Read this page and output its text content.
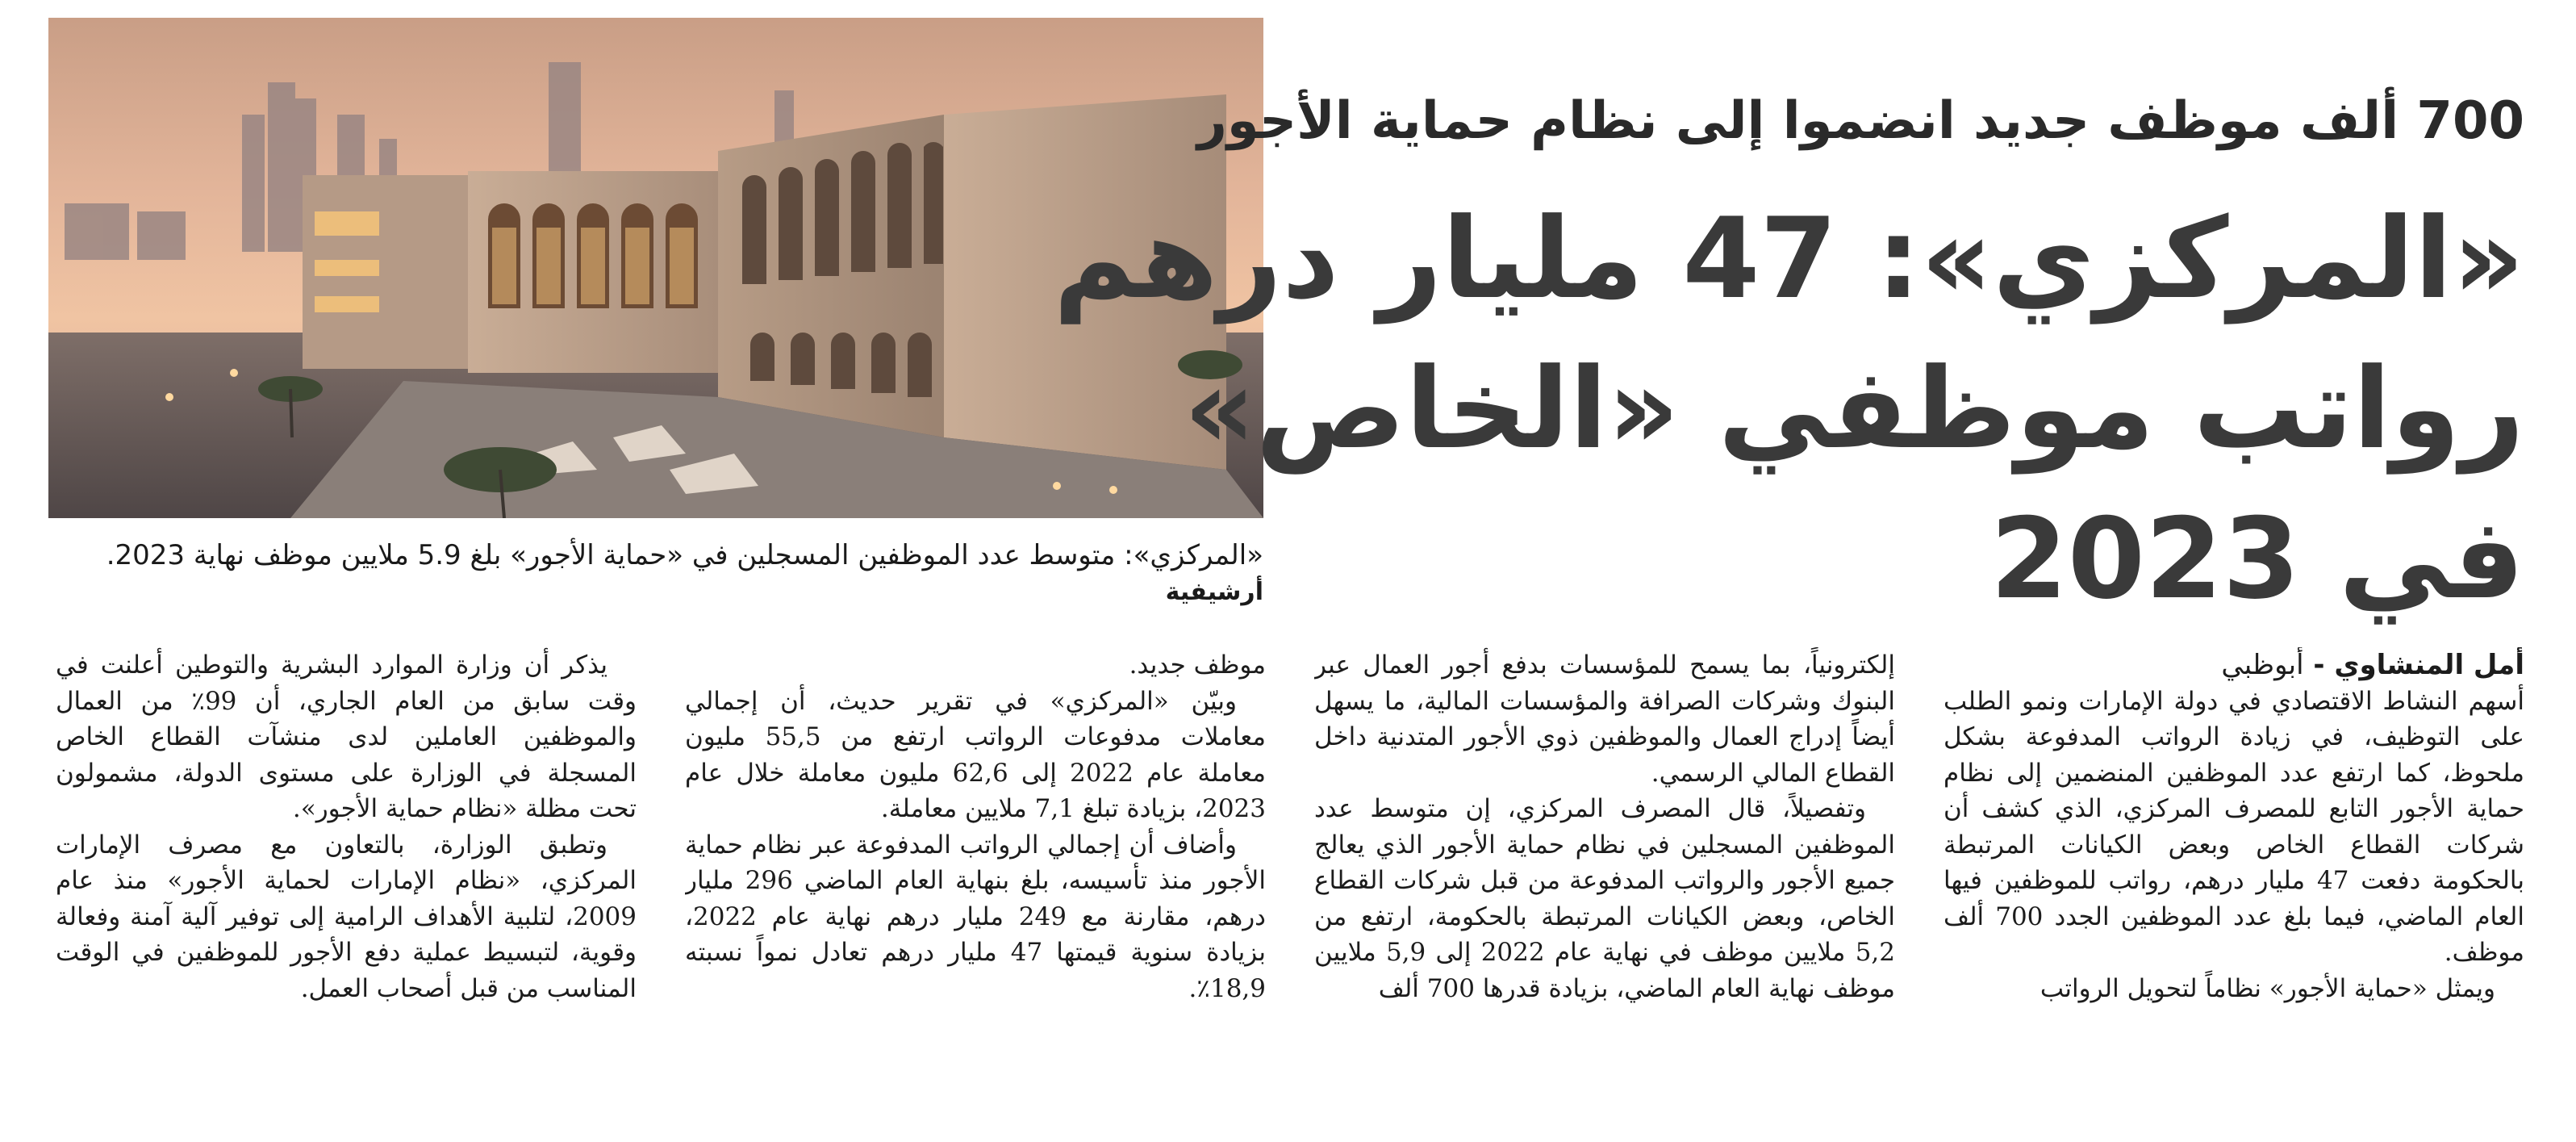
«المركزي»: متوسط عدد الموظفين المسجلين في «حماية الأجور» بلغ 5.9 ملايين موظف نهاية 2023.
أرشيفية
700 ألف موظف جديد انضموا إلى نظام حماية الأجور
«المركزي»: 47 مليار درهم
رواتب موظفي «الخاص»
في 2023

أمل المنشاوي - أبوظبي

أسهم النشاط الاقتصادي في دولة الإمارات ونمو الطلب على التوظيف، في زيادة الرواتب المدفوعة بشكل ملحوظ، كما ارتفع عدد الموظفين المنضمين إلى نظام حماية الأجور التابع للمصرف المركزي، الذي كشف أن شركات القطاع الخاص وبعض الكيانات المرتبطة بالحكومة دفعت 47 مليار درهم، رواتب للموظفين فيها العام الماضي، فيما بلغ عدد الموظفين الجدد 700 ألف موظف.

ويمثل «حماية الأجور» نظاماً لتحويل الرواتب

إلكترونياً، بما يسمح للمؤسسات بدفع أجور العمال عبر البنوك وشركات الصرافة والمؤسسات المالية، ما يسهل أيضاً إدراج العمال والموظفين ذوي الأجور المتدنية داخل القطاع المالي الرسمي.

وتفصيلاً، قال المصرف المركزي، إن متوسط عدد الموظفين المسجلين في نظام حماية الأجور الذي يعالج جميع الأجور والرواتب المدفوعة من قبل شركات القطاع الخاص، وبعض الكيانات المرتبطة بالحكومة، ارتفع من 5,2 ملايين موظف في نهاية عام 2022 إلى 5,9 ملايين موظف نهاية العام الماضي، بزيادة قدرها 700 ألف

موظف جديد.

وبيّن «المركزي» في تقرير حديث، أن إجمالي معاملات مدفوعات الرواتب ارتفع من 55,5 مليون معاملة عام 2022 إلى 62,6 مليون معاملة خلال عام 2023، بزيادة تبلغ 7,1 ملايين معاملة.

وأضاف أن إجمالي الرواتب المدفوعة عبر نظام حماية الأجور منذ تأسيسه، بلغ بنهاية العام الماضي 296 مليار درهم، مقارنة مع 249 مليار درهم نهاية عام 2022، بزيادة سنوية قيمتها 47 مليار درهم تعادل نمواً نسبته 18,9٪.

يذكر أن وزارة الموارد البشرية والتوطين أعلنت في وقت سابق من العام الجاري، أن 99٪ من العمال والموظفين العاملين لدى منشآت القطاع الخاص المسجلة في الوزارة على مستوى الدولة، مشمولون تحت مظلة «نظام حماية الأجور».

وتطبق الوزارة، بالتعاون مع مصرف الإمارات المركزي، «نظام الإمارات لحماية الأجور» منذ عام 2009، لتلبية الأهداف الرامية إلى توفير آلية آمنة وفعالة وقوية، لتبسيط عملية دفع الأجور للموظفين في الوقت المناسب من قبل أصحاب العمل.
